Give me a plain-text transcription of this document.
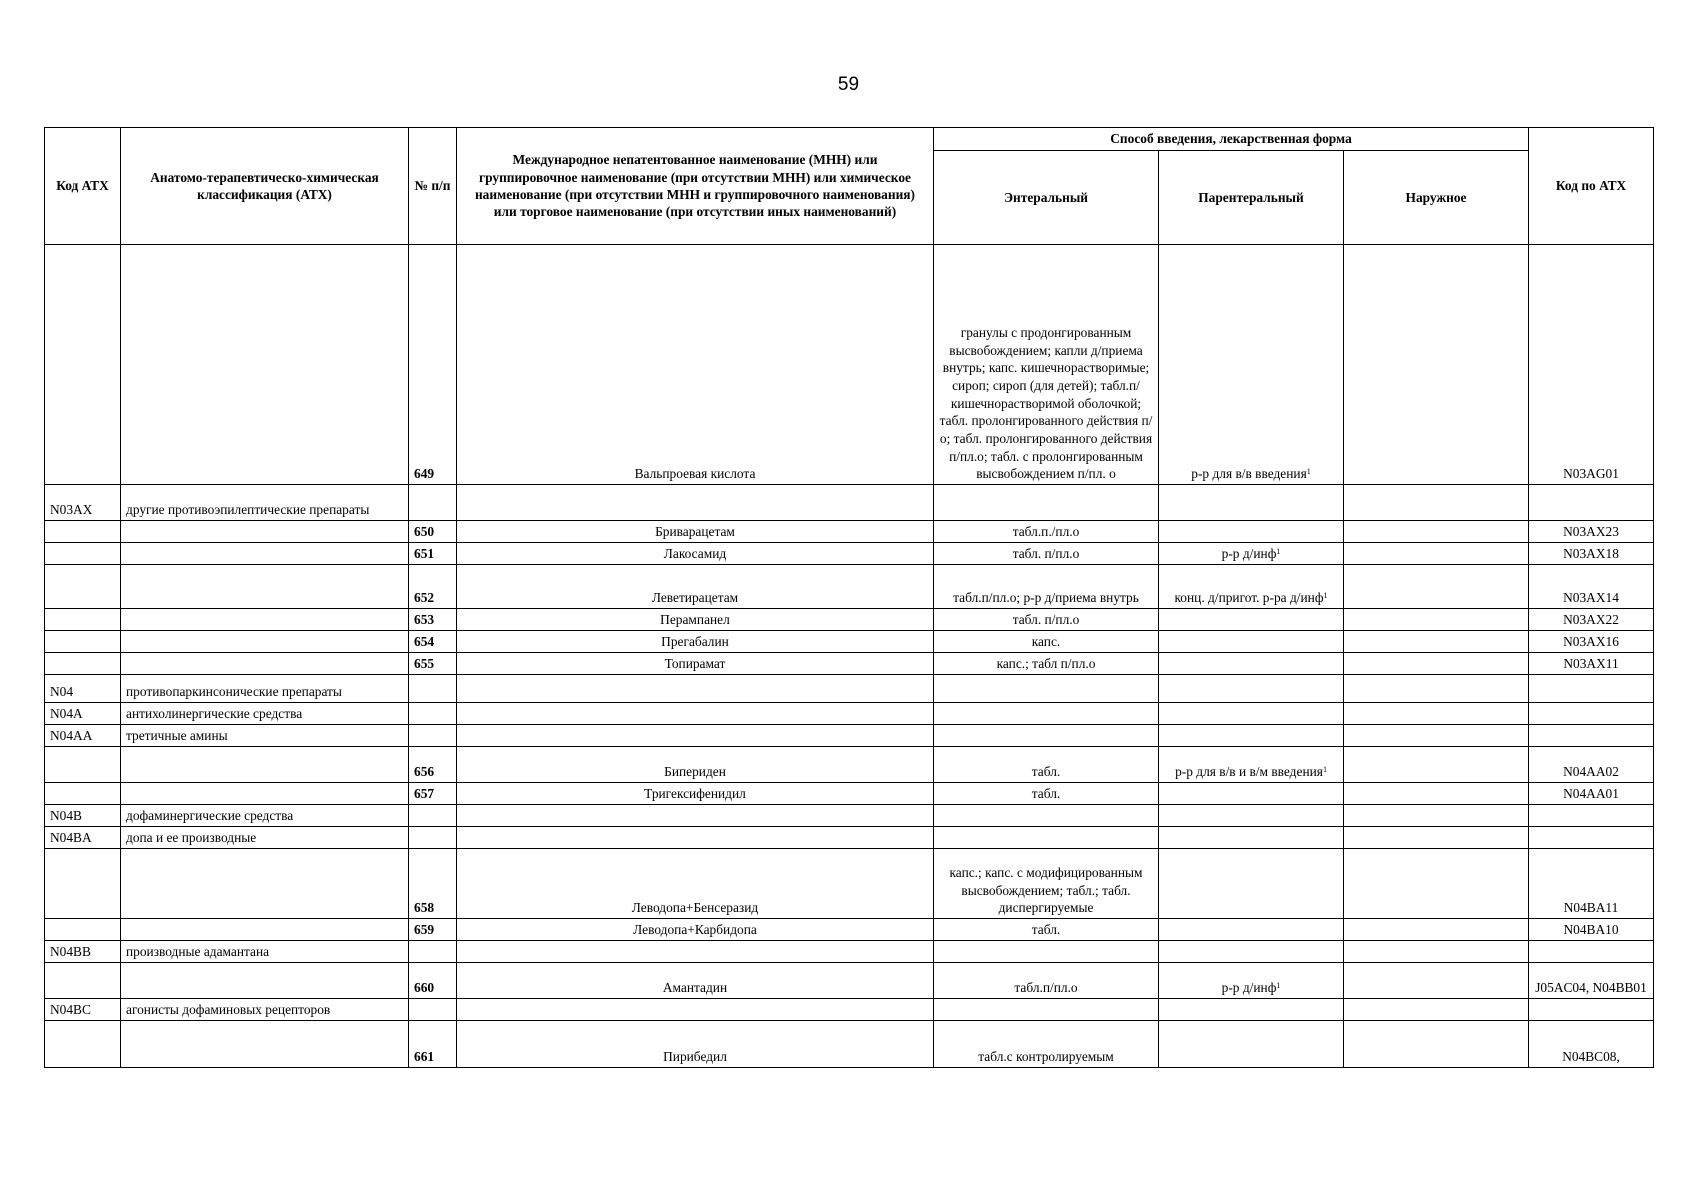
59
Код АТХ	Анатомо-терапевтическо-химическая классификация (АТХ)	№ п/п	Международное непатентованное наименование (МНН) или группировочное наименование (при отсутствии МНН) или химическое наименование (при отсутствии МНН и группировочного наименования) или торговое наименование (при отсутствии иных наименований)	Способ введения, лекарственная форма			Код по АТХ
				Энтеральный	Парентеральный	Наружное	
		649	Вальпроевая кислота	гранулы с продонгированным высвобождением; капли д/приема внутрь; капс. кишечнорастворимые; сироп; сироп (для детей); табл.п/кишечнорастворимой оболочкой; табл. пролонгированного действия п/о; табл. пролонгированного действия п/пл.о; табл. с пролонгированным высвобождением п/пл. о	р-р для в/в введения$^1$		N03AG01
N03AX	другие противоэпилептические препараты						
		650	Бриварацетам	табл.п./пл.о			N03AX23
		651	Лакосамид	табл. п/пл.о	р-р д/инф$^1$		N03AX18
		652	Леветирацетам	табл.п/пл.о; р-р д/приема внутрь	конц. д/пригот. р-ра д/инф$^1$		N03AX14
		653	Перампанел	табл. п/пл.о			N03AX22
		654	Прегабалин	капс.			N03AX16
		655	Топирамат	капс.; табл п/пл.о			N03AX11
N04	противопаркинсонические препараты						
N04A	антихолинергические средства						
N04AA	третичные амины						
		656	Бипериден	табл.	р-р для в/в и в/м введения$^1$		N04AA02
		657	Тригексифенидил	табл.			N04AA01
N04B	дофаминергические средства						
N04BA	допа и ее производные						
		658	Леводопа+Бенсеразид	капс.; капс. с модифицированным высвобождением; табл.; табл. диспергируемые			N04BA11
		659	Леводопа+Карбидопа	табл.			N04BA10
N04BB	производные адамантана						
		660	Амантадин	табл.п/пл.о	р-р д/инф$^1$		J05AC04, N04BB01
N04BC	агонисты дофаминовых рецепторов						
		661	Пирибедил	табл.с контролируемым			N04BC08,
